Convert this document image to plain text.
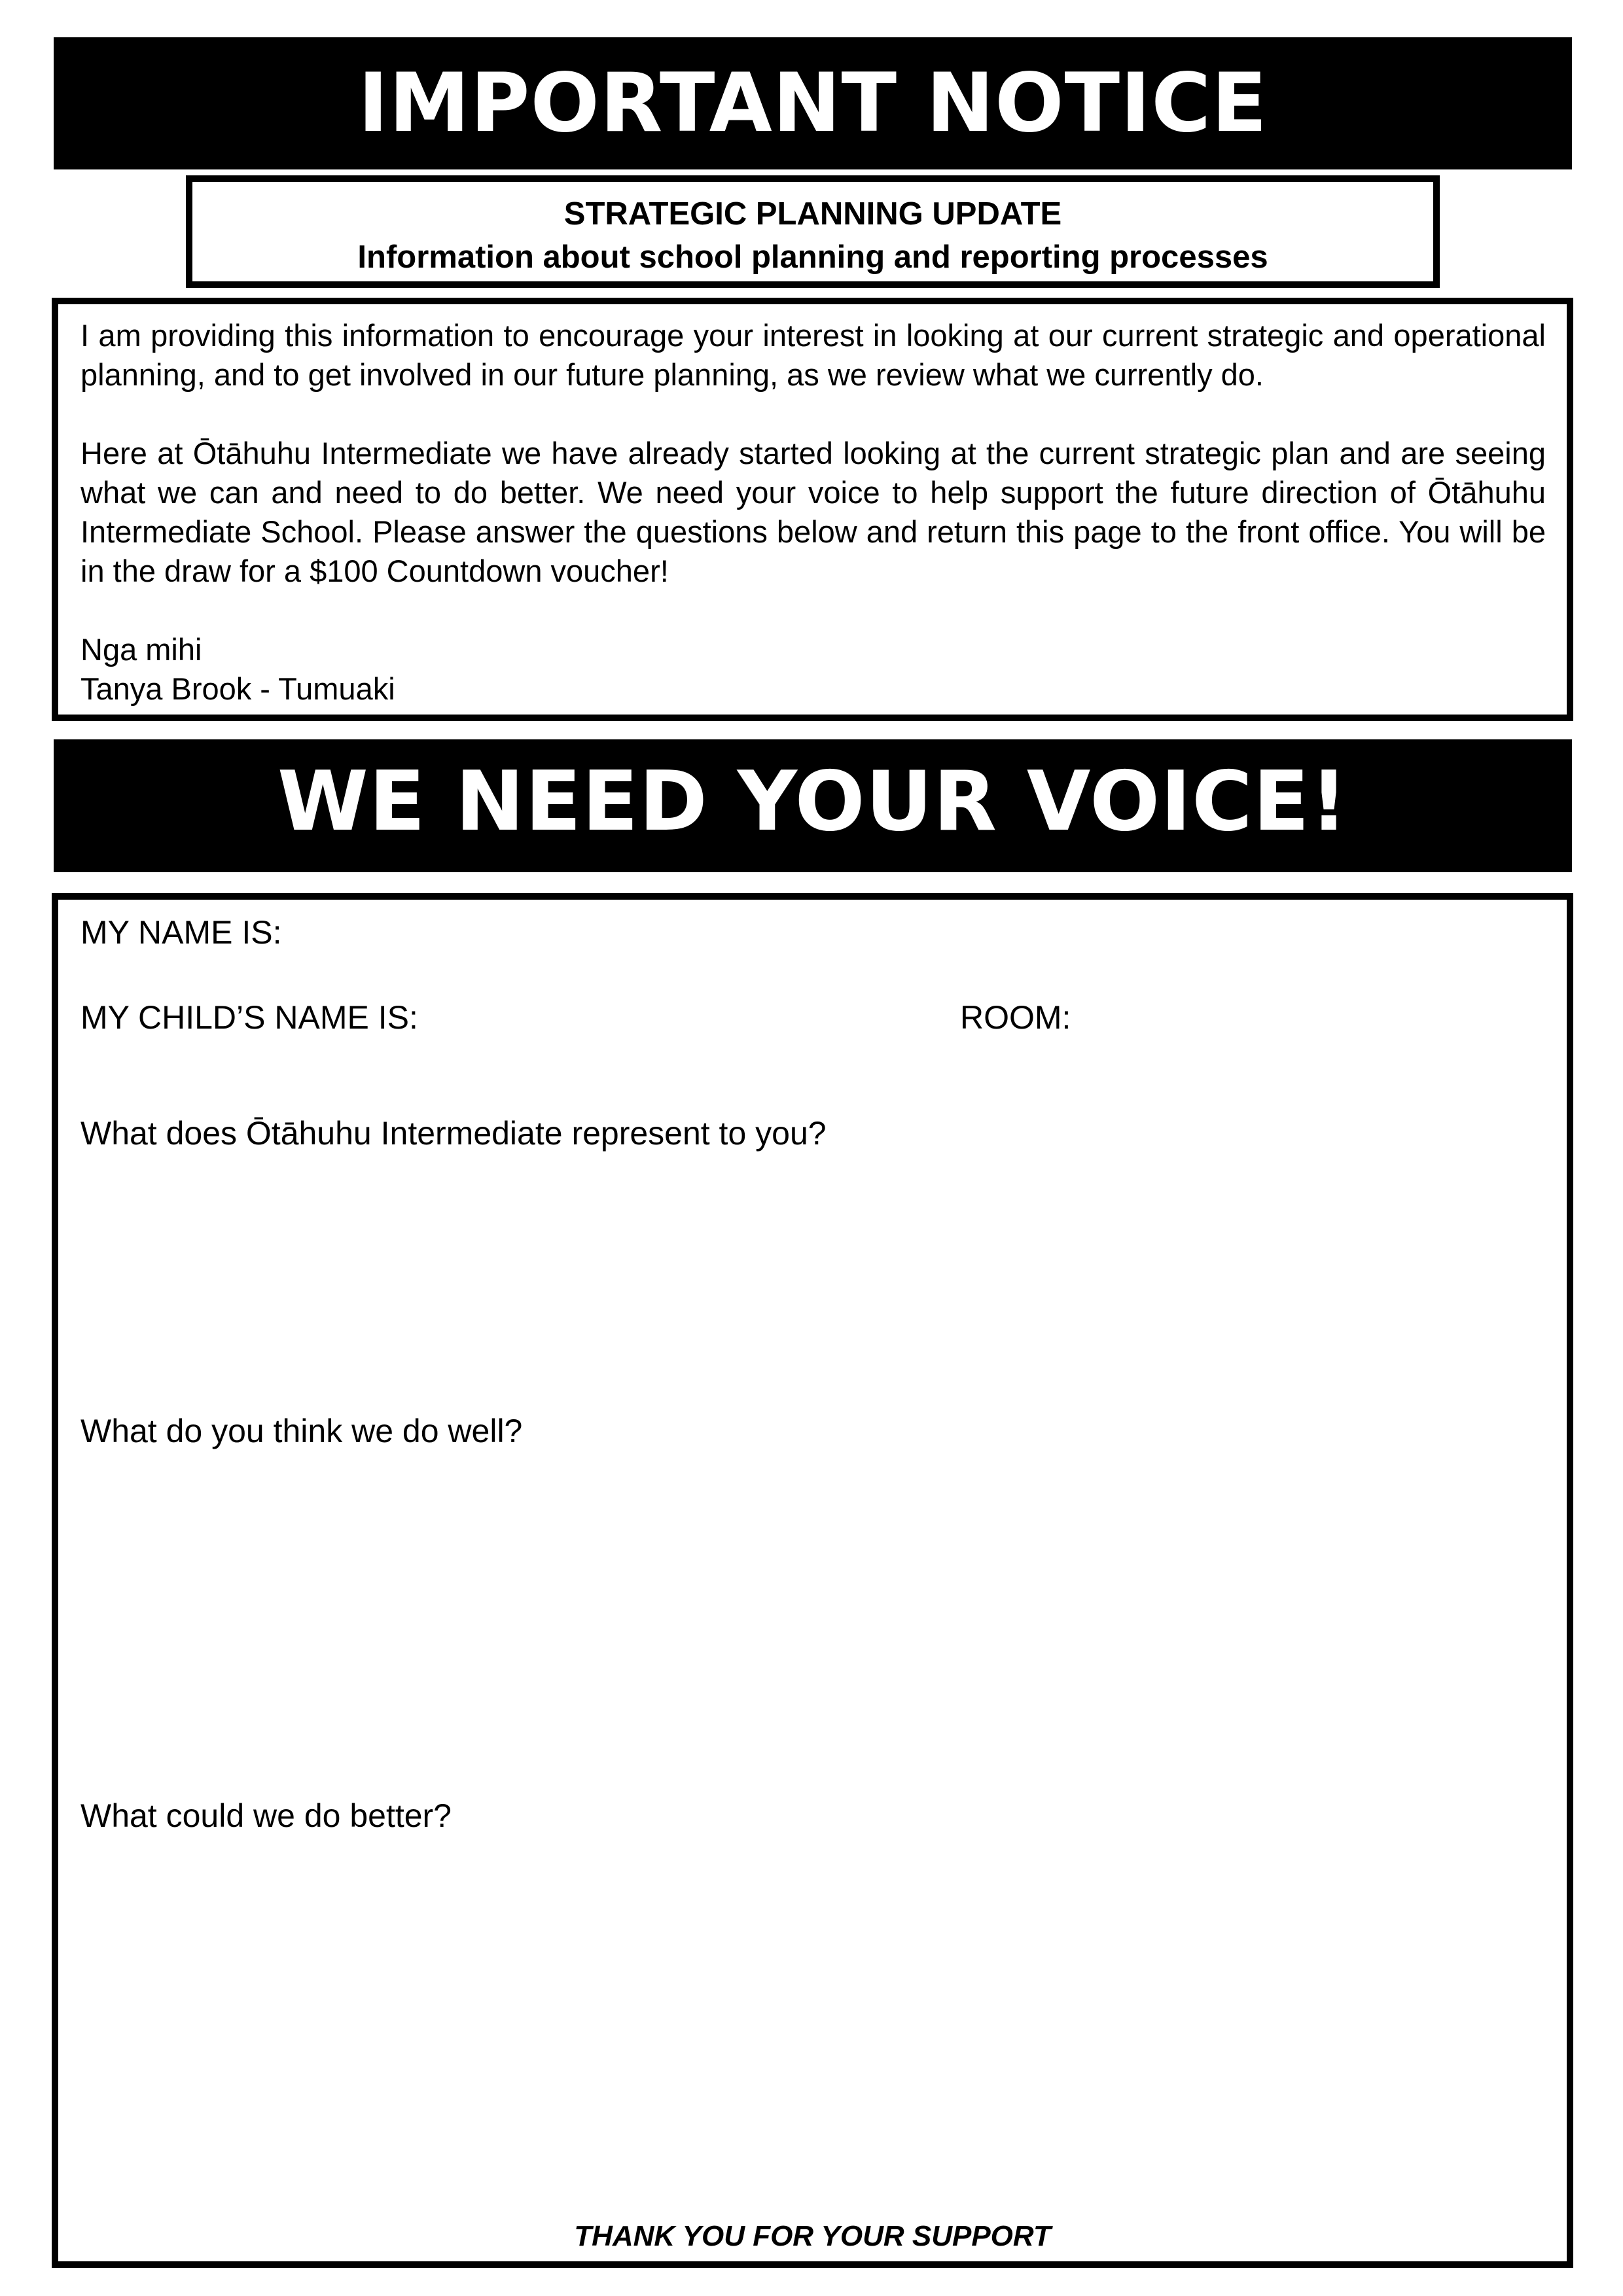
IMPORTANT NOTICE
STRATEGIC PLANNING UPDATE
Information about school planning and reporting processes

I am providing this information to encourage your interest in looking at our current strategic and operational planning, and to get involved in our future planning, as we review what we currently do.

Here at Ōtāhuhu Intermediate we have already started looking at the current strategic plan and are seeing what we can and need to do better. We need your voice to help support the future direction of Ōtāhuhu Intermediate School. Please answer the questions below and return this page to the front office. You will be in the draw for a $100 Countdown voucher!

Nga mihi

Tanya Brook - Tumuaki

WE NEED YOUR VOICE!
MY NAME IS:
MY CHILD’S NAME IS:	ROOM:
What does Ōtāhuhu Intermediate represent to you?
What do you think we do well?
What could we do better?
THANK YOU FOR YOUR SUPPORT
